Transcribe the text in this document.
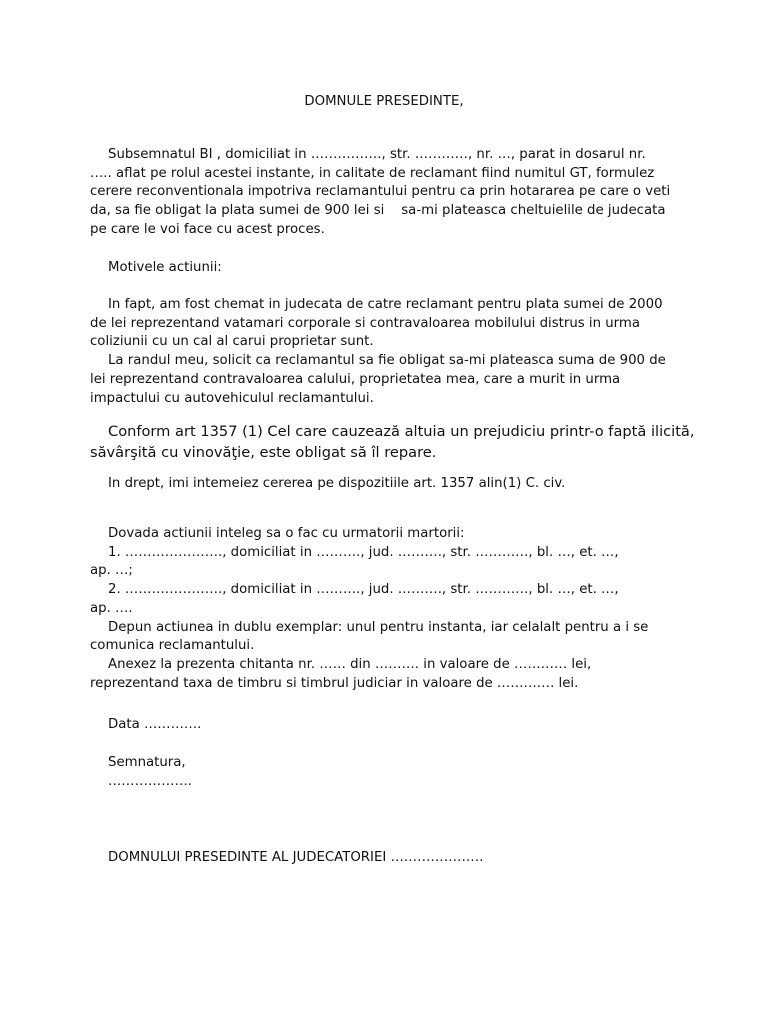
DOMNULE PRESEDINTE,

Subsemnatul BI , domiciliat in ……………., str. …………, nr. …, parat in dosarul nr.

….. aflat pe rolul acestei instante, in calitate de reclamant fiind numitul GT, formulez

cerere reconventionala impotriva reclamantului pentru ca prin hotararea pe care o veti

da, sa fie obligat la plata sumei de 900 lei si    sa-mi plateasca cheltuielile de judecata

pe care le voi face cu acest proces.

Motivele actiunii:

In fapt, am fost chemat in judecata de catre reclamant pentru plata sumei de 2000

de lei reprezentand vatamari corporale si contravaloarea mobilului distrus in urma

coliziunii cu un cal al carui proprietar sunt.

La randul meu, solicit ca reclamantul sa fie obligat sa-mi plateasca suma de 900 de

lei reprezentand contravaloarea calului, proprietatea mea, care a murit in urma

impactului cu autovehiculul reclamantului.

Conform art 1357 (1) Cel care cauzează altuia un prejudiciu printr-o faptă ilicită,

săvârşită cu vinovăţie, este obligat să îl repare.

In drept, imi intemeiez cererea pe dispozitiile art. 1357 alin(1) C. civ.

Dovada actiunii inteleg sa o fac cu urmatorii martorii:

1. …………………., domiciliat in ………., jud. ………., str. …………, bl. …, et. …,

ap. …;

2. …………………., domiciliat in ………., jud. ………., str. …………, bl. …, et. …,

ap. ….

Depun actiunea in dublu exemplar: unul pentru instanta, iar celalalt pentru a i se

comunica reclamantului.

Anexez la prezenta chitanta nr. …… din ………. in valoare de ………… lei,

reprezentand taxa de timbru si timbrul judiciar in valoare de …………. lei.

Data ………….

Semnatura,

……………….

DOMNULUI PRESEDINTE AL JUDECATORIEI …………………
